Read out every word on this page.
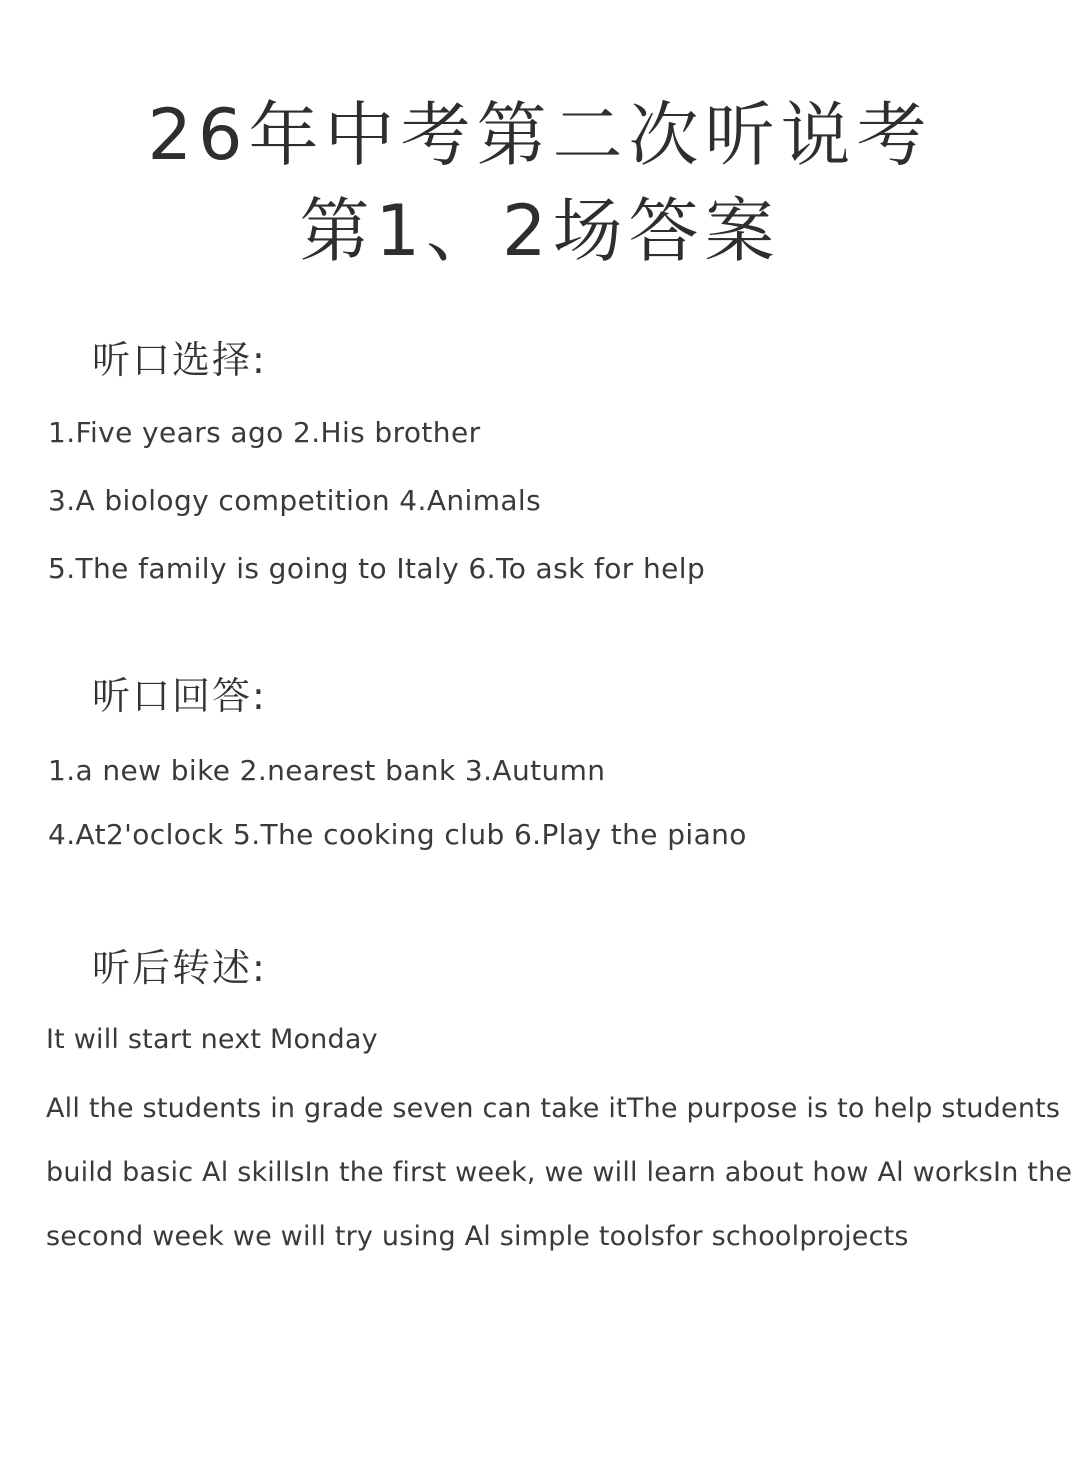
26年中考第二次听说考
第1、2场答案
听口选择:
1.Five years ago 2.His brother
3.A biology competition 4.Animals
5.The family is going to Italy 6.To ask for help
听口回答:
1.a new bike 2.nearest bank 3.Autumn
4.At2'oclock 5.The cooking club 6.Play the piano
听后转述:
It will start next Monday
All the students in grade seven can take itThe purpose is to help students
build basic Al skillsIn the first week, we will learn about how Al worksIn the
second week we will try using Al simple toolsfor schoolprojects
